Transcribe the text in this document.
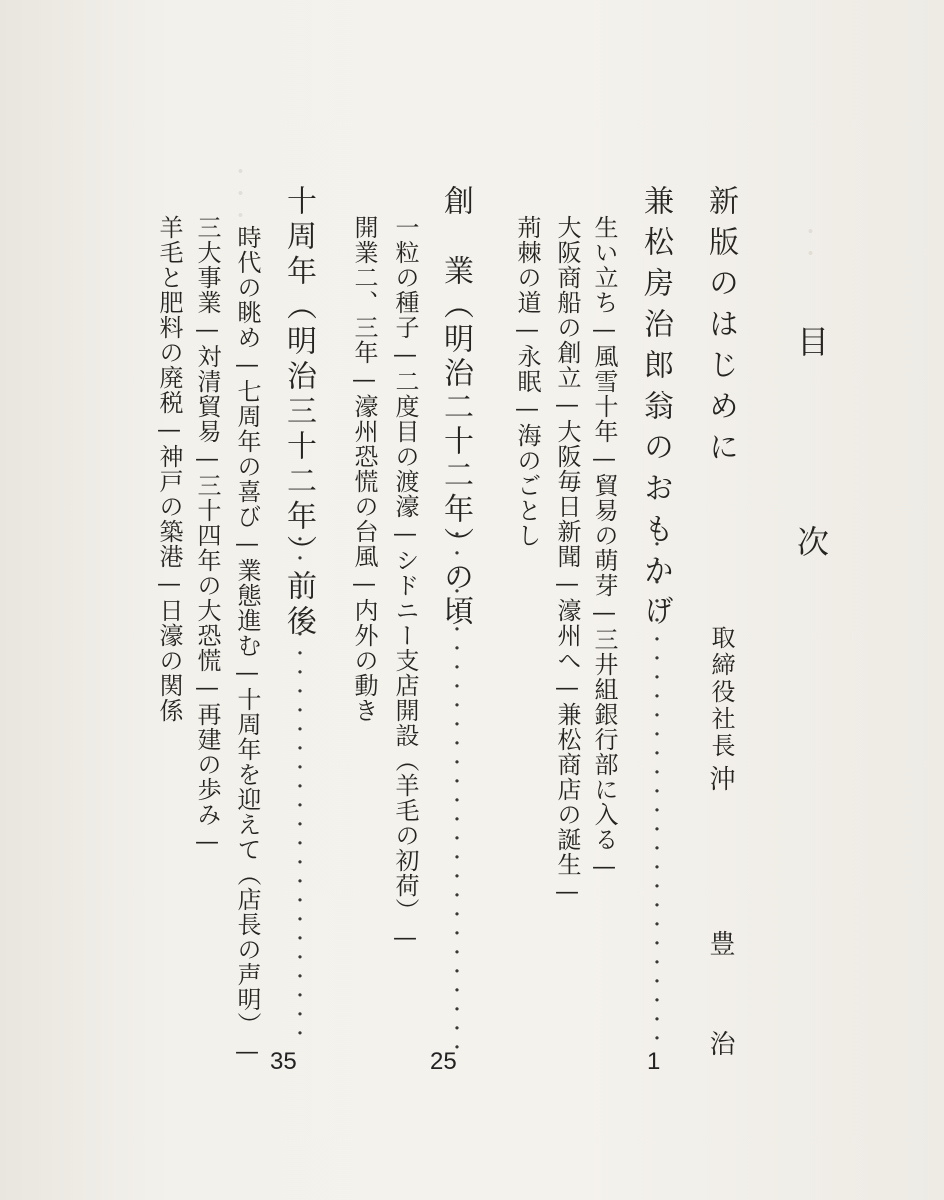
・・・
・・
目
次
新版のはじめに
取締役社長
沖
豊
治
兼松房治郎翁のおもかげ
・・・・・・・・・・・・・・・・・・・・・・・・・・・
1
生い立ち—風雪十年—貿易の萌芽—三井組銀行部に入る—
大阪商船の創立—大阪毎日新聞—濠州へ—兼松商店の誕生—
荊棘の道—永眠—海のごとし
創
業（明治二十二年）の頃
・・・・・・・・・・・・・・・・・・・・・・・・・・・・
25
一粒の種子—二度目の渡濠—シドニー支店開設（羊毛の初荷）—
開業二、三年—濠州恐慌の台風—内外の動き
十周年（明治三十二年）前後
・・・・・・・・・・・・・・・・・・・・・・・・・・・
35
時代の眺め—七周年の喜び—業態進む—十周年を迎えて（店長の声明）—
三大事業—対清貿易—三十四年の大恐慌—再建の歩み—
羊毛と肥料の廃税—神戸の築港—日濠の関係
